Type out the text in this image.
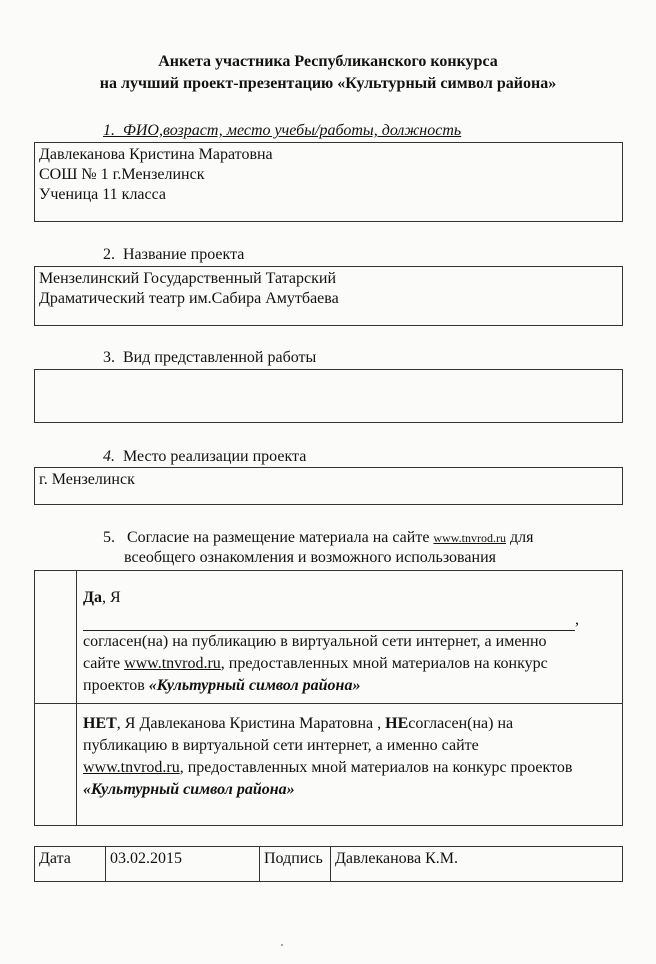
Анкета участника Республиканского конкурса
на лучший проект-презентацию «Культурный символ района»
1. ФИО,возраст, место учебы/работы, должность
Давлеканова Кристина Маратовна
СОШ № 1 г.Мензелинск
Ученица 11 класса
2. Название проекта
Мензелинский Государственный Татарский
Драматический театр им.Сабира Амутбаева
3. Вид представленной работы
4. Место реализации проекта
г. Мензелинск
5. Согласие на размещение материала на сайте www.tnvrod.ru для
всеобщего ознакомления и возможного использования
Да, Я
,
согласен(на) на публикацию в виртуальной сети интернет, а именно
сайте www.tnvrod.ru, предоставленных мной материалов на конкурс
проектов «Культурный символ района»
НЕТ, Я Давлеканова Кристина Маратовна , НЕсогласен(на) на
публикацию в виртуальной сети интернет, а именно сайте
www.tnvrod.ru, предоставленных мной материалов на конкурс проектов
«Культурный символ района»
Дата	03.02.2015	Подпись	Давлеканова К.М.
